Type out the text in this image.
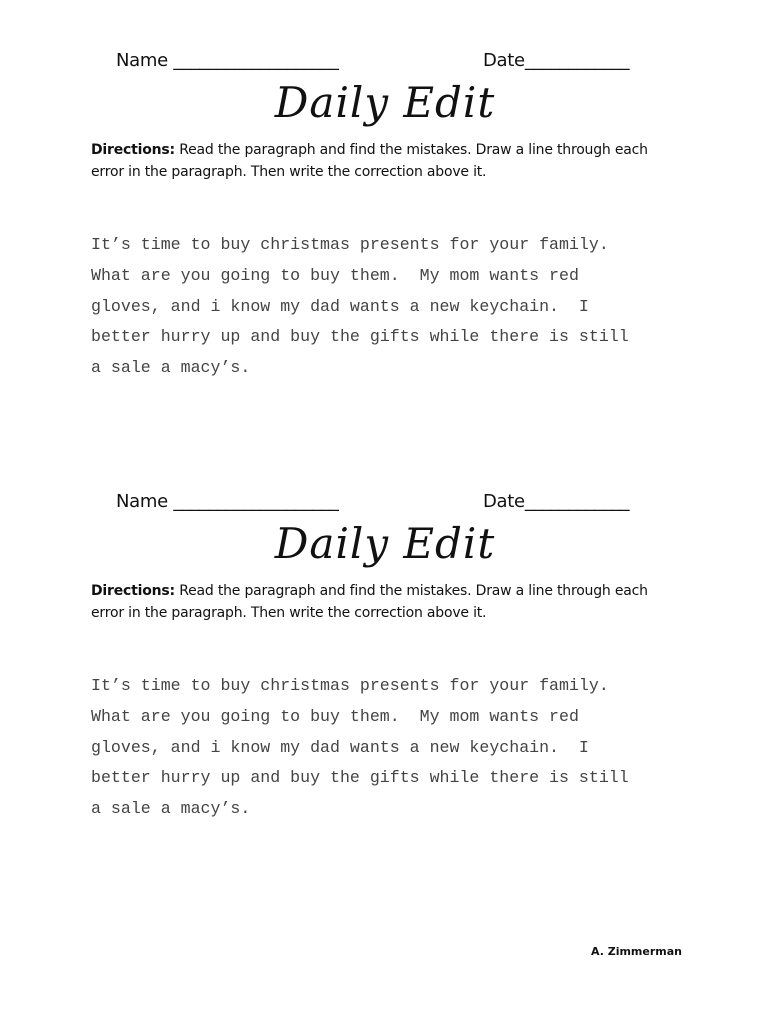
Name ___________________	Date____________
Daily Edit
Directions: Read the paragraph and find the mistakes. Draw a line through each error in the paragraph. Then write the correction above it.
It’s time to buy christmas presents for your family.
What are you going to buy them.  My mom wants red
gloves, and i know my dad wants a new keychain.  I
better hurry up and buy the gifts while there is still
a sale a macy’s.
Name ___________________	Date____________
Daily Edit
Directions: Read the paragraph and find the mistakes. Draw a line through each error in the paragraph. Then write the correction above it.
It’s time to buy christmas presents for your family.
What are you going to buy them.  My mom wants red
gloves, and i know my dad wants a new keychain.  I
better hurry up and buy the gifts while there is still
a sale a macy’s.
A. Zimmerman
